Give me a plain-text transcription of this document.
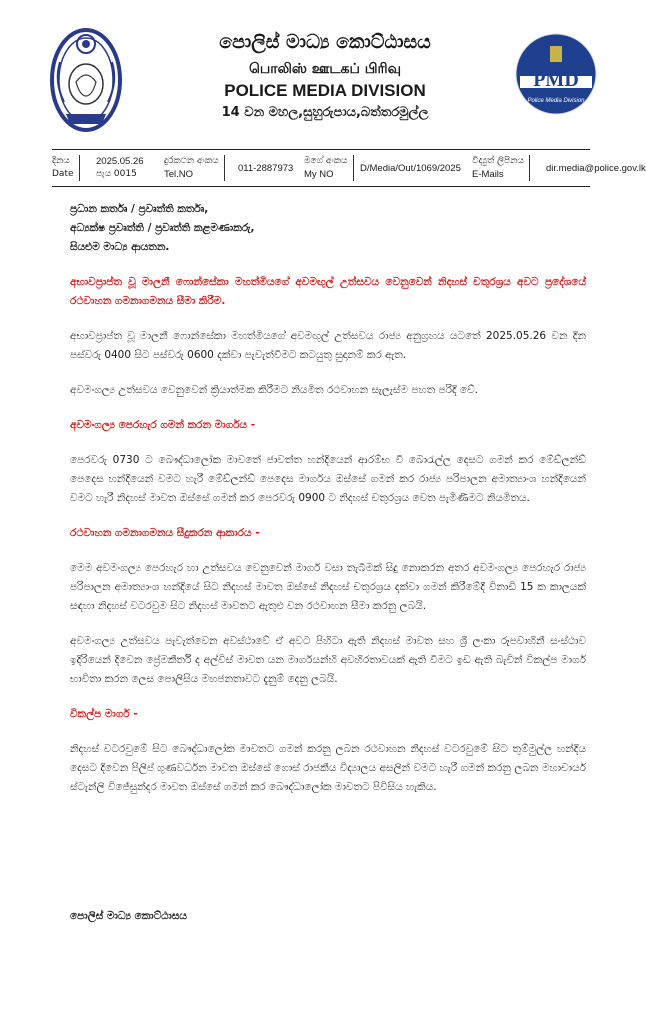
පොලිස් මාධ්‍ය කොට්ඨාසය
பொலிஸ் ஊடகப் பிரிவு
POLICE MEDIA DIVISION
14 වන මහල,සුහුරුපාය,බත්තරමුල්ල
PMD
Police Media Division
දිනය
Date
2025.05.26
පැය 0015
දුරකථන අංකය
Tel.NO
011-2887973
මගේ අංකය
My NO
D/Media/Out/1069/2025
විද්‍යුත් ලිපිනය
E-Mails
dir.media@police.gov.lk
ප්‍රධාන කර්තෘ / ප්‍රවෘත්ති කර්තෘ,
අධ්‍යක්ෂ ප්‍රවෘත්ති / ප්‍රවෘත්ති කළමණාකරු,
සියළුම මාධ්‍ය ආයතන.

අභාවප්‍රාප්ත වූ මාලනී ෆොන්සේකා මහත්මියගේ අවමඟුල් උත්සවය වෙනුවෙන් නිදහස් චතුරශ්‍රය අවට ප්‍රදේශයේ රථවාහන ගමනාගමනය සීමා කිරීම.

අභාවප්‍රාප්ත වූ මාලනී ෆොන්සේකා මහත්මියගේ අවමඟුල් උත්සවය රාජ්‍ය අනුග්‍රහය යටතේ 2025.05.26 වන දින පස්වරු 0400 සිට පස්වරු 0600 දක්වා පැවැත්වීමට කටයුතු සුදානම් කර ඇත.

අවමංගල්‍ය උත්සවය වෙනුවෙන් ක්‍රියාත්මක කිරීමට නියමිත රථවාහන සැලැස්ම පහත පරිදි වේ.

අවමංගල්‍ය පෙරහැර ගමන් කරන මාර්ගය -

පෙරවරු 0730 ට බෞද්ධාලෝක මාවතේ ජාවත්ත හන්දියෙන් ආරම්භ වී බොරැල්ල දෙසට ගමන් කර මේඩ්ලන්ඩ් පෙදෙස හන්දියෙන් වමට හැරී මේඩ්ලන්ඩ් පෙදෙස මාර්ගය ඔස්සේ ගමන් කර රාජ්‍ය පරිපාලන අමාත්‍යාංශ හන්දියෙන් වමට හැරී නිදහස් මාවත ඔස්සේ ගමන් කර පෙරවරු 0900 ට නිදහස් චතුරශ්‍රය වෙත පැමිණීමට නියමිතය.

රථවාහන ගමනාගමනය සීදුකරන ආකාරය -

මෙම අවමංගල්‍ය පෙරහැර හා උත්සවය වෙනුවෙන් මාර්ග වසා තැබීමක් සිදු නොකරන අතර අවමංගල්‍ය පෙරහැර රාජ්‍ය පරිපාලන අමාත්‍යාංශ හන්දියේ සිට නිදහස් මාවත ඔස්සේ නිදහස් චතුරශ්‍රය දක්වා ගමන් කිරීමේදී විනාඩි 15 ක කාලයක් සඳහා නිදහස් වටරවුම සිට නිදහස් මාවතට ඇතුළු වන රථවාහන සීමා කරනු ලබයි.

අවමංගල්‍ය උත්සවය පැවැත්වෙන අවස්ථාවේ ඒ අවට පිහිටා ඇති නිදහස් මාවත සහ ශ්‍රී ලංකා රූපවාහිනී සංස්ථාව ඉදිරියෙන් දිවෙන ප්‍රේමකීර්ති ද අල්විස් මාවත යන මාර්ගයන්හි අවහිරතාවයක් ඇති වීමට ඉඩ ඇති බැවින් විකල්ප මාර්ග භාවිතා කරන ලෙස පොලිසිය මහජනතාවට දැනුම් දෙනු ලබයි.

විකල්ප මාර්ග -

නිදහස් වටරවුමේ සිට බෞද්ධාලෝක මාවතට ගමන් කරනු ලබන රථවාහන නිදහස් වටරවුමේ සිට තුම්මුල්ල හන්දිය දෙසට දිවෙන පිලිප් ගුණවර්ධන මාවත ඔස්සේ ගොස් රාජකීය විද්‍යාලය අසලින් වමට හැරී ගමන් කරනු ලබන මහාචාර්ය ස්ටැන්ලි විජේසුන්දර මාවත ඔස්සේ ගමන් කර බෞද්ධාලෝක මාවතට පිවිසිය හැකිය.

පොලිස් මාධ්‍ය කොට්ඨාසය
